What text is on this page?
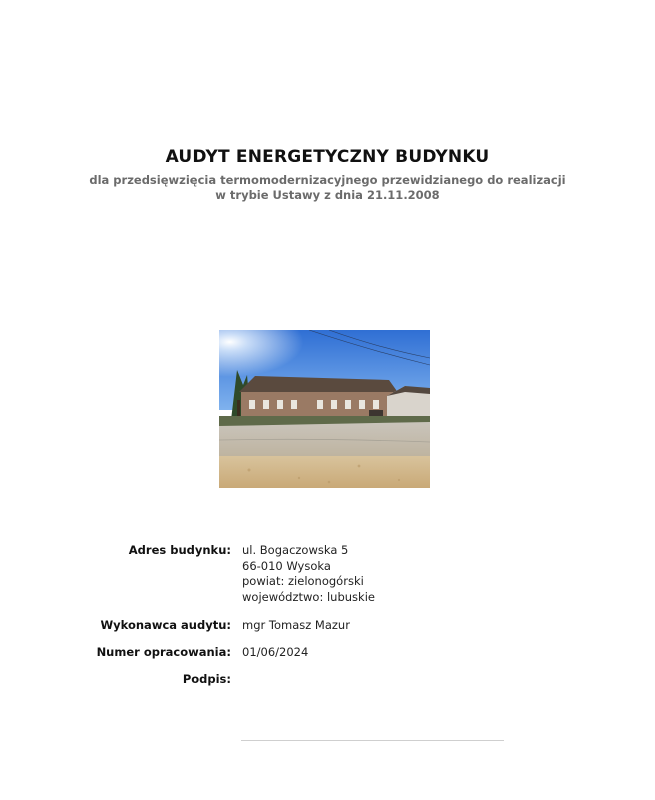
AUDYT ENERGETYCZNY BUDYNKU
dla przedsięwzięcia termomodernizacyjnego przewidzianego do realizacji
w trybie Ustawy z dnia 21.11.2008
Adres budynku: ul. Bogaczowska 5
66-010 Wysoka
powiat: zielonogórski
województwo: lubuskie
Wykonawca audytu: mgr Tomasz Mazur
Numer opracowania: 01/06/2024
Podpis:
